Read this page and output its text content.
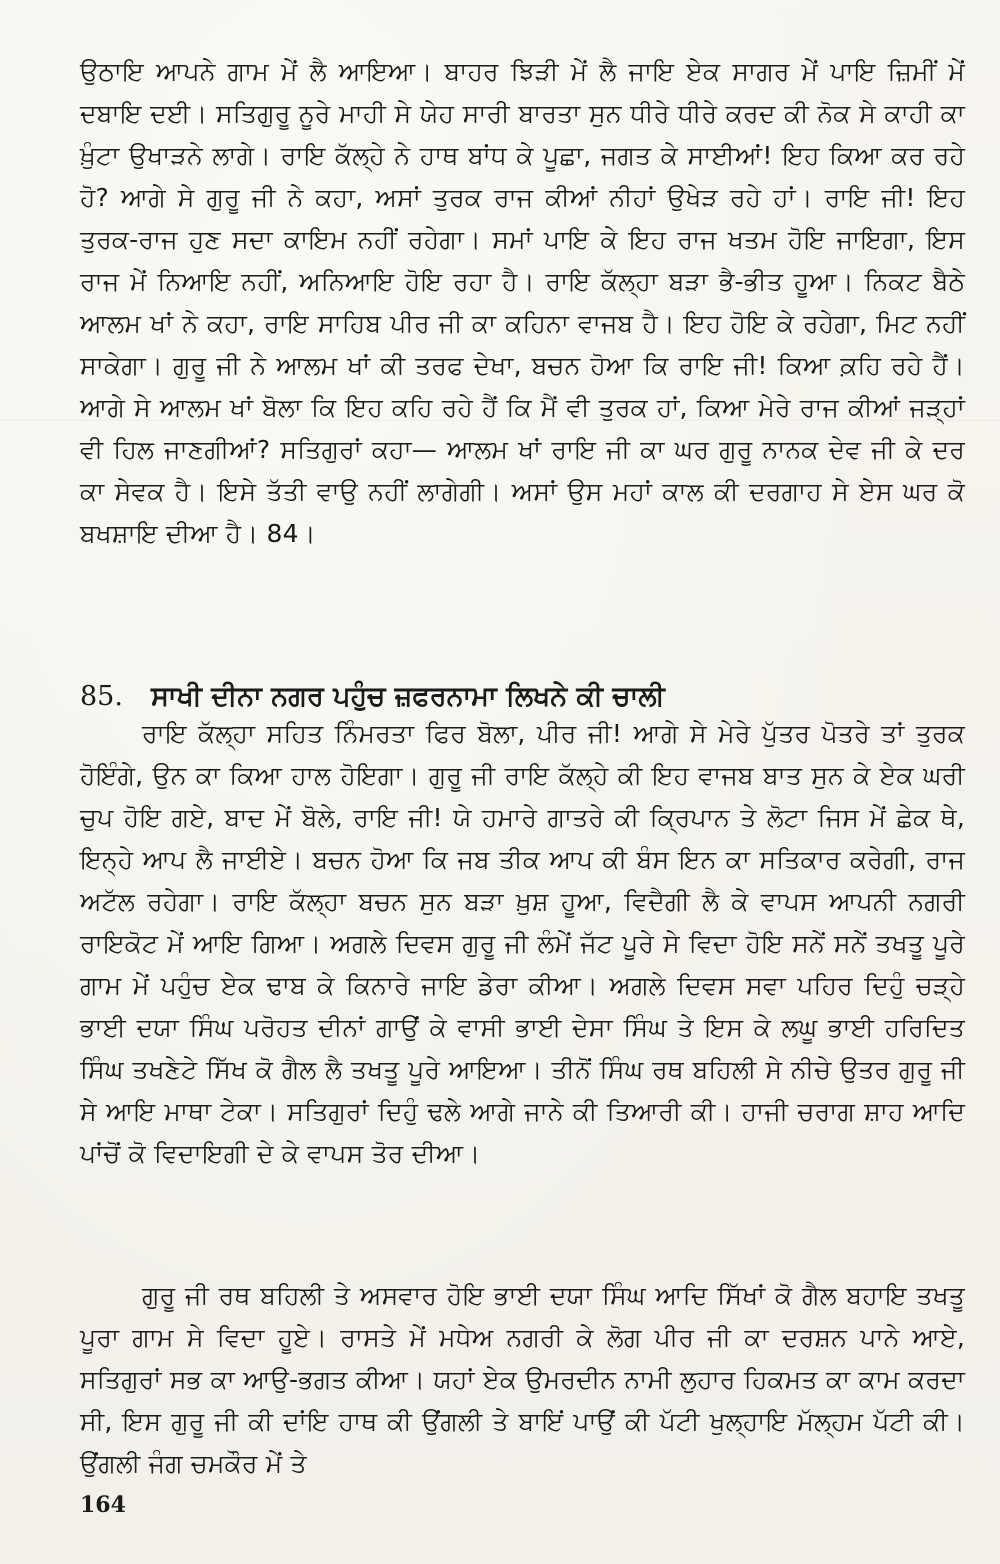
ਉਠਾਇ ਆਪਨੇ ਗਾਮ ਮੇਂ ਲੈ ਆਇਆ। ਬਾਹਰ ਝਿੜੀ ਮੇਂ ਲੈ ਜਾਇ ਏਕ ਸਾਗਰ ਮੇਂ ਪਾਇ ਜ਼ਿਮੀਂ ਮੇਂ ਦਬਾਇ ਦਈ। ਸਤਿਗੁਰੂ ਨੂਰੇ ਮਾਹੀ ਸੇ ਯੇਹ ਸਾਰੀ ਬਾਰਤਾ ਸੁਨ ਧੀਰੇ ਧੀਰੇ ਕਰਦ ਕੀ ਨੋਕ ਸੇ ਕਾਹੀ ਕਾ ਖ਼ੁੰਟਾ ਉਖਾੜਨੇ ਲਾਗੇ। ਰਾਇ ਕੱਲ੍ਹੇ ਨੇ ਹਾਥ ਬਾਂਧ ਕੇ ਪੂਛਾ, ਜਗਤ ਕੇ ਸਾਈਆਂ! ਇਹ ਕਿਆ ਕਰ ਰਹੇ ਹੋ? ਆਗੇ ਸੇ ਗੁਰੂ ਜੀ ਨੇ ਕਹਾ, ਅਸਾਂ ਤੁਰਕ ਰਾਜ ਕੀਆਂ ਨੀਹਾਂ ਉਖੇੜ ਰਹੇ ਹਾਂ। ਰਾਇ ਜੀ! ਇਹ ਤੁਰਕ-ਰਾਜ ਹੁਣ ਸਦਾ ਕਾਇਮ ਨਹੀਂ ਰਹੇਗਾ। ਸਮਾਂ ਪਾਇ ਕੇ ਇਹ ਰਾਜ ਖਤਮ ਹੋਇ ਜਾਇਗਾ, ਇਸ ਰਾਜ ਮੇਂ ਨਿਆਇ ਨਹੀਂ, ਅਨਿਆਇ ਹੋਇ ਰਹਾ ਹੈ। ਰਾਇ ਕੱਲ੍ਹਾ ਬੜਾ ਭੈ-ਭੀਤ ਹੂਆ। ਨਿਕਟ ਬੈਠੇ ਆਲਮ ਖਾਂ ਨੇ ਕਹਾ, ਰਾਇ ਸਾਹਿਬ ਪੀਰ ਜੀ ਕਾ ਕਹਿਨਾ ਵਾਜਬ ਹੈ। ਇਹ ਹੋਇ ਕੇ ਰਹੇਗਾ, ਮਿਟ ਨਹੀਂ ਸਾਕੇਗਾ। ਗੁਰੂ ਜੀ ਨੇ ਆਲਮ ਖਾਂ ਕੀ ਤਰਫ ਦੇਖਾ, ਬਚਨ ਹੋਆ ਕਿ ਰਾਇ ਜੀ! ਕਿਆ ਕ਼ਹਿ ਰਹੇ ਹੈਂ। ਆਗੇ ਸੇ ਆਲਮ ਖਾਂ ਬੋਲਾ ਕਿ ਇਹ ਕਹਿ ਰਹੇ ਹੈਂ ਕਿ ਮੈਂ ਵੀ ਤੁਰਕ ਹਾਂ, ਕਿਆ ਮੇਰੇ ਰਾਜ ਕੀਆਂ ਜੜ੍ਹਾਂ ਵੀ ਹਿਲ ਜਾਣਗੀਆਂ? ਸਤਿਗੁਰਾਂ ਕਹਾ— ਆਲਮ ਖਾਂ ਰਾਇ ਜੀ ਕਾ ਘਰ ਗੁਰੂ ਨਾਨਕ ਦੇਵ ਜੀ ਕੇ ਦਰ ਕਾ ਸੇਵਕ ਹੈ। ਇਸੇ ਤੱਤੀ ਵਾਉ ਨਹੀਂ ਲਾਗੇਗੀ। ਅਸਾਂ ਉਸ ਮਹਾਂ ਕਾਲ ਕੀ ਦਰਗਾਹ ਸੇ ਏਸ ਘਰ ਕੋ ਬਖਸ਼ਾਇ ਦੀਆ ਹੈ। 84।

85. ਸਾਖੀ ਦੀਨਾ ਨਗਰ ਪਹੁੰਚ ਜ਼ਫਰਨਾਮਾ ਲਿਖਨੇ ਕੀ ਚਾਲੀ

ਰਾਇ ਕੱਲ੍ਹਾ ਸਹਿਤ ਨਿੰਮਰਤਾ ਫਿਰ ਬੋਲਾ, ਪੀਰ ਜੀ! ਆਗੇ ਸੇ ਮੇਰੇ ਪੁੱਤਰ ਪੋਤਰੇ ਤਾਂ ਤੁਰਕ ਹੋਇੰਗੇ, ਉਨ ਕਾ ਕਿਆ ਹਾਲ ਹੋਇਗਾ। ਗੁਰੂ ਜੀ ਰਾਇ ਕੱਲ੍ਹੇ ਕੀ ਇਹ ਵਾਜਬ ਬਾਤ ਸੁਨ ਕੇ ਏਕ ਘਰੀ ਚੁਪ ਹੋਇ ਗਏ, ਬਾਦ ਮੇਂ ਬੋਲੇ, ਰਾਇ ਜੀ! ਯੇ ਹਮਾਰੇ ਗਾਤਰੇ ਕੀ ਕ੍ਰਿਪਾਨ ਤੇ ਲੋਟਾ ਜਿਸ ਮੇਂ ਛੇਕ ਥੇ, ਇਨ੍ਹੇ ਆਪ ਲੈ ਜਾਈਏ। ਬਚਨ ਹੋਆ ਕਿ ਜਬ ਤੀਕ ਆਪ ਕੀ ਬੰਸ ਇਨ ਕਾ ਸਤਿਕਾਰ ਕਰੇਗੀ, ਰਾਜ ਅਟੱਲ ਰਹੇਗਾ। ਰਾਇ ਕੱਲ੍ਹਾ ਬਚਨ ਸੁਨ ਬੜਾ ਖ਼ੁਸ਼ ਹੂਆ, ਵਿਦੈਗੀ ਲੈ ਕੇ ਵਾਪਸ ਆਪਨੀ ਨਗਰੀ ਰਾਇਕੋਟ ਮੇਂ ਆਇ ਗਿਆ। ਅਗਲੇ ਦਿਵਸ ਗੁਰੂ ਜੀ ਲੰਮੇਂ ਜੱਟ ਪੂਰੇ ਸੇ ਵਿਦਾ ਹੋਇ ਸਨੇਂ ਸਨੇਂ ਤਖਤੂ ਪੂਰੇ ਗਾਮ ਮੇਂ ਪਹੁੰਚ ਏਕ ਢਾਬ ਕੇ ਕਿਨਾਰੇ ਜਾਇ ਡੇਰਾ ਕੀਆ। ਅਗਲੇ ਦਿਵਸ ਸਵਾ ਪਹਿਰ ਦਿਹੁੰ ਚੜ੍ਹੇ ਭਾਈ ਦਯਾ ਸਿੰਘ ਪਰੋਹਤ ਦੀਨਾਂ ਗਾਉਂ ਕੇ ਵਾਸੀ ਭਾਈ ਦੇਸਾ ਸਿੰਘ ਤੇ ਇਸ ਕੇ ਲਘੂ ਭਾਈ ਹਰਿਦਿਤ ਸਿੰਘ ਤਖਣੇਟੇ ਸਿੱਖ ਕੋ ਗੈਲ ਲੈ ਤਖਤੂ ਪੂਰੇ ਆਇਆ। ਤੀਨੋਂ ਸਿੰਘ ਰਥ ਬਹਿਲੀ ਸੇ ਨੀਚੇ ਉਤਰ ਗੁਰੂ ਜੀ ਸੇ ਆਇ ਮਾਥਾ ਟੇਕਾ। ਸਤਿਗੁਰਾਂ ਦਿਹੁੰ ਢਲੇ ਆਗੇ ਜਾਨੇ ਕੀ ਤਿਆਰੀ ਕੀ। ਹਾਜੀ ਚਰਾਗ ਸ਼ਾਹ ਆਦਿ ਪਾਂਚੋਂ ਕੋ ਵਿਦਾਇਗੀ ਦੇ ਕੇ ਵਾਪਸ ਤੋਰ ਦੀਆ।

ਗੁਰੂ ਜੀ ਰਥ ਬਹਿਲੀ ਤੇ ਅਸਵਾਰ ਹੋਇ ਭਾਈ ਦਯਾ ਸਿੰਘ ਆਦਿ ਸਿੱਖਾਂ ਕੋ ਗੈਲ ਬਹਾਇ ਤਖਤੂ ਪੂਰਾ ਗਾਮ ਸੇ ਵਿਦਾ ਹੂਏ। ਰਾਸਤੇ ਮੇਂ ਮਧੇਅ ਨਗਰੀ ਕੇ ਲੋਗ ਪੀਰ ਜੀ ਕਾ ਦਰਸ਼ਨ ਪਾਨੇ ਆਏ, ਸਤਿਗੁਰਾਂ ਸਭ ਕਾ ਆਉ-ਭਗਤ ਕੀਆ। ਯਹਾਂ ਏਕ ਉਮਰਦੀਨ ਨਾਮੀ ਲੁਹਾਰ ਹਿਕਮਤ ਕਾ ਕਾਮ ਕਰਦਾ ਸੀ, ਇਸ ਗੁਰੂ ਜੀ ਕੀ ਦਾਂਇ ਹਾਥ ਕੀ ਉਂਗਲੀ ਤੇ ਬਾਇਂ ਪਾਉਂ ਕੀ ਪੱਟੀ ਖੁਲ੍ਹਾਇ ਮੱਲ੍ਹਮ ਪੱਟੀ ਕੀ। ਉਂਗਲੀ ਜੰਗ ਚਮਕੌਰ ਮੇਂ ਤੇ

164
